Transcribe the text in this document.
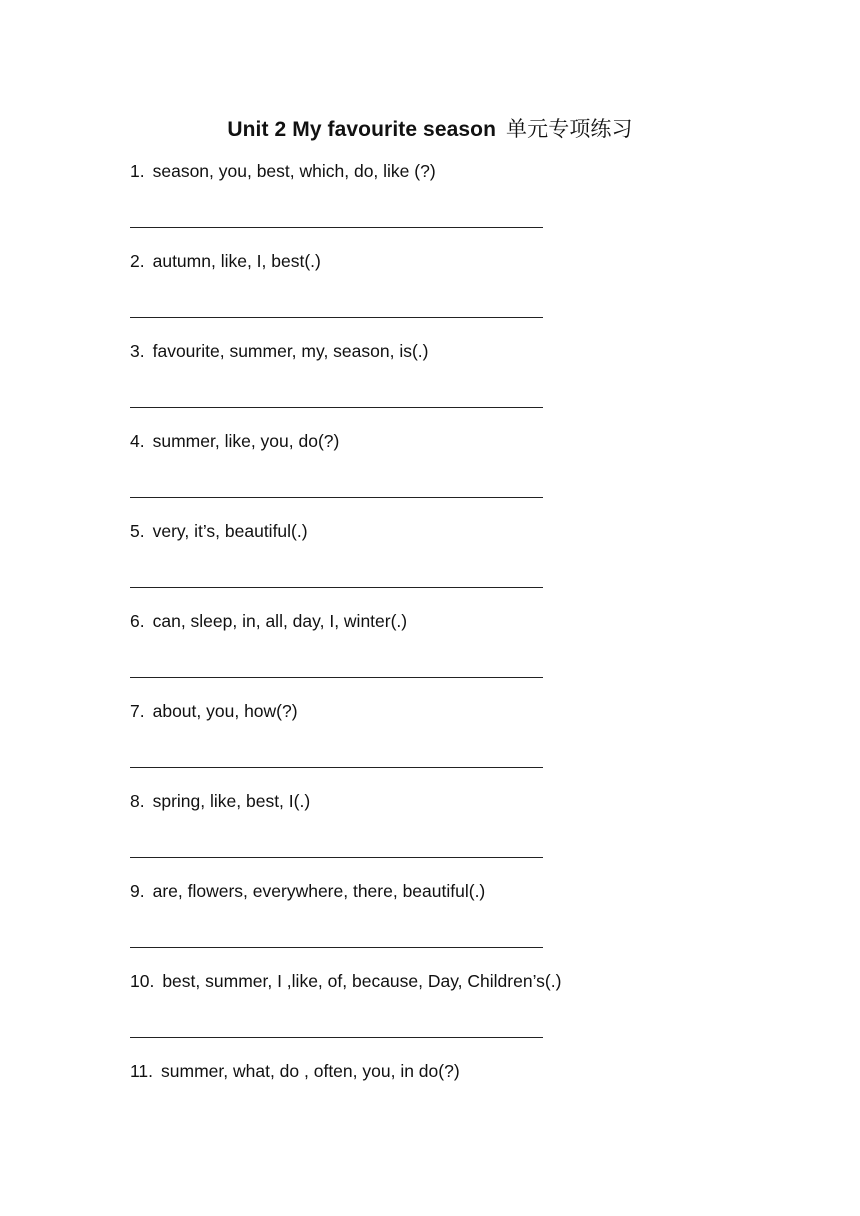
Unit 2 My favourite season 单元专项练习
1. season, you, best, which, do, like (?)
2. autumn, like, I, best(.)
3. favourite, summer, my, season, is(.)
4. summer, like, you, do(?)
5. very, it’s, beautiful(.)
6. can, sleep, in, all, day, I, winter(.)
7. about, you, how(?)
8. spring, like, best, I(.)
9. are, flowers, everywhere, there, beautiful(.)
10. best, summer, I ,like, of, because, Day, Children’s(.)
11. summer, what, do , often, you, in do(?)
